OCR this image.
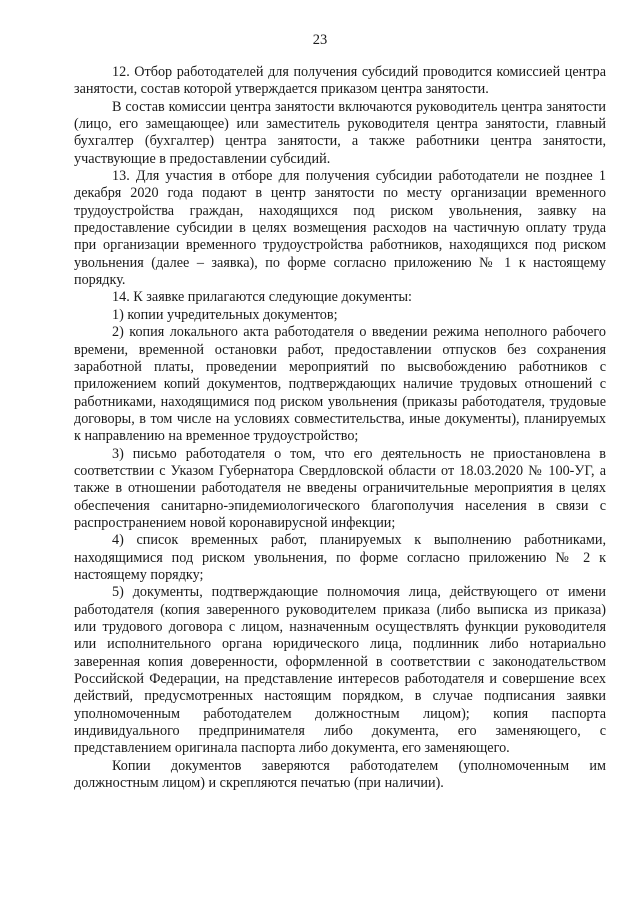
23

12. Отбор работодателей для получения субсидий проводится комиссией центра занятости, состав которой утверждается приказом центра занятости.

В состав комиссии центра занятости включаются руководитель центра занятости (лицо, его замещающее) или заместитель руководителя центра занятости, главный бухгалтер (бухгалтер) центра занятости, а также работники центра занятости, участвующие в предоставлении субсидий.

13. Для участия в отборе для получения субсидии работодатели не позднее 1 декабря 2020 года подают в центр занятости по месту организации временного трудоустройства граждан, находящихся под риском увольнения, заявку на предоставление субсидии в целях возмещения расходов на частичную оплату труда при организации временного трудоустройства работников, находящихся под риском увольнения (далее – заявка), по форме согласно приложению № 1 к настоящему порядку.

14. К заявке прилагаются следующие документы:

1) копии учредительных документов;

2) копия локального акта работодателя о введении режима неполного рабочего времени, временной остановки работ, предоставлении отпусков без сохранения заработной платы, проведении мероприятий по высвобождению работников с приложением копий документов, подтверждающих наличие трудовых отношений с работниками, находящимися под риском увольнения (приказы работодателя, трудовые договоры, в том числе на условиях совместительства, иные документы), планируемых к направлению на временное трудоустройство;

3) письмо работодателя о том, что его деятельность не приостановлена в соответствии с Указом Губернатора Свердловской области от 18.03.2020 № 100-УГ, а также в отношении работодателя не введены ограничительные мероприятия в целях обеспечения санитарно-эпидемиологического благополучия населения в связи с распространением новой коронавирусной инфекции;

4) список временных работ, планируемых к выполнению работниками, находящимися под риском увольнения, по форме согласно приложению № 2 к настоящему порядку;

5) документы, подтверждающие полномочия лица, действующего от имени работодателя (копия заверенного руководителем приказа (либо выписка из приказа) или трудового договора с лицом, назначенным осуществлять функции руководителя или исполнительного органа юридического лица, подлинник либо нотариально заверенная копия доверенности, оформленной в соответствии с законодательством Российской Федерации, на представление интересов работодателя и совершение всех действий, предусмотренных настоящим порядком, в случае подписания заявки уполномоченным работодателем должностным лицом); копия паспорта индивидуального предпринимателя либо документа, его заменяющего, с представлением оригинала паспорта либо документа, его заменяющего.

Копии документов заверяются работодателем (уполномоченным им должностным лицом) и скрепляются печатью (при наличии).
